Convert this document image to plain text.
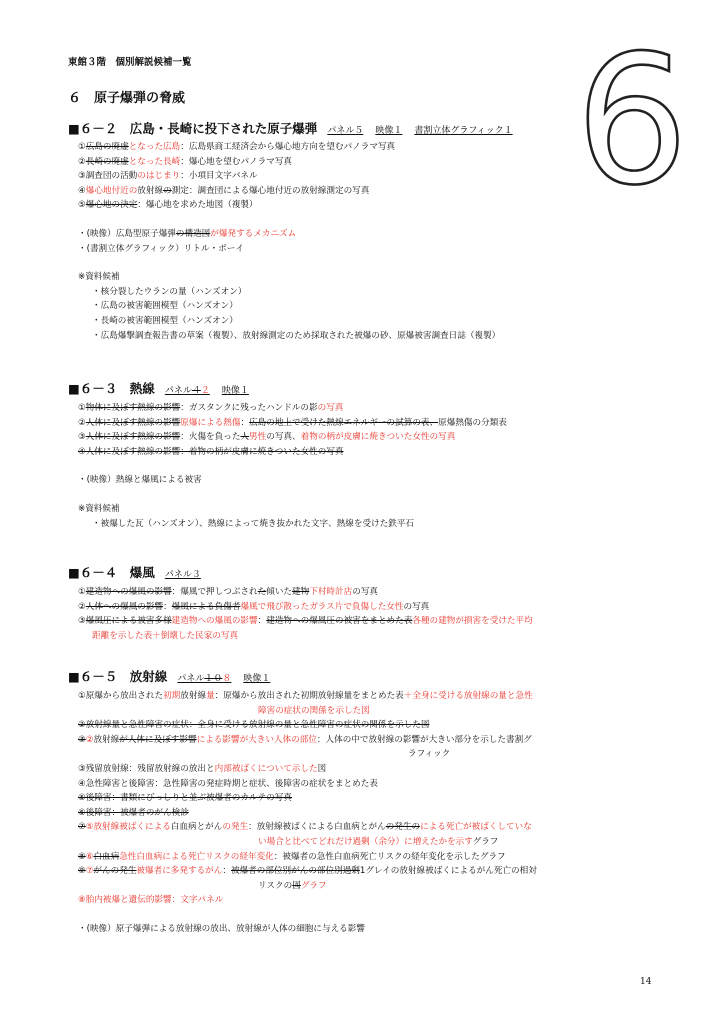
東館３階　個別解説候補一覧 6
６　原子爆弾の脅威
■６－２　広島・長崎に投下された原子爆弾 パネル５ 映像１ 書割立体グラフィック１
①広島の廃虚となった広島：広島県商工経済会から爆心地方向を望むパノラマ写真
②長崎の廃虚となった長崎：爆心地を望むパノラマ写真
③調査団の活動のはじまり：小項目文字パネル
④爆心地付近の放射線の測定：調査団による爆心地付近の放射線測定の写真
⑤爆心地の決定：爆心地を求めた地図（複製）
・(映像）広島型原子爆弾の構造図が爆発するメカニズム
・(書割立体グラフィック）リトル・ボーイ
※資料候補
・核分裂したウランの量（ハンズオン）
・広島の被害範囲模型（ハンズオン）
・長崎の被害範囲模型（ハンズオン）
・広島爆撃調査報告書の草案（複製）、放射線測定のため採取された被爆の砂、原爆被害調査日誌（複製）
■６－３　熱線 パネル４２ 映像１
①物体に及ぼす熱線の影響：ガスタンクに残ったハンドルの影の写真
②人体に及ぼす熱線の影響原爆による熱傷：広島の地上で受けた熱線エネルギーの試算の表、原爆熱傷の分類表
③人体に及ぼす熱線の影響：火傷を負った人男性の写真、着物の柄が皮膚に焼きついた女性の写真
④人体に及ぼす熱線の影響：着物の柄が皮膚に焼きついた女性の写真
・(映像）熱線と爆風による被害
※資料候補
・被爆した瓦（ハンズオン）、熱線によって焼き抜かれた文字、熱線を受けた鉄平石
■６－４　爆風 パネル３
①建造物への爆風の影響：爆風で押しつぶされた傾いた建物下村時計店の写真
②人体への爆風の影響：爆風による負傷者爆風で飛び散ったガラス片で負傷した女性の写真
③爆風圧による被害多様建造物への爆風の影響：建造物への爆風圧の被害をまとめた表各種の建物が損害を受けた平均
距離を示した表＋倒壊した民家の写真
■６－５　放射線 パネル１０８ 映像１
①原爆から放出された初期放射線量：原爆から放出された初期放射線量をまとめた表＋全身に受ける放射線の量と急性
障害の症状の関係を示した図
②放射線量と急性障害の症状：全身に受ける放射線の量と急性障害の症状の関係を示した図
③②放射線が人体に及ぼす影響による影響が大きい人体の部位：人体の中で放射線の影響が大きい部分を示した書割グ
ラフィック
③残留放射線：残留放射線の放出と内部被ばくについて示した図
④急性障害と後障害：急性障害の発症時期と症状、後障害の症状をまとめた表
⑤後障害：書類にびっしりと並ぶ被爆者のカルテの写真
⑥後障害：被爆者のがん検診
⑦⑤放射線被ばくによる白血病とがんの発生：放射線被ばくによる白血病とがんの発生のによる死亡が被ばくしていな
い場合と比べてどれだけ過剰（余分）に増えたかを示すグラフ
⑧⑥白血病急性白血病による死亡リスクの経年変化：被爆者の急性白血病死亡リスクの経年変化を示したグラフ
⑨⑦がんの発生被爆者に多発するがん：被爆者の部位別がんの部位別過剰1グレイの放射線被ばくによるがん死亡の相対
リスクの図グラフ
⑧胎内被爆と遺伝的影響：文字パネル
・(映像）原子爆弾による放射線の放出、放射線が人体の細胞に与える影響
14
